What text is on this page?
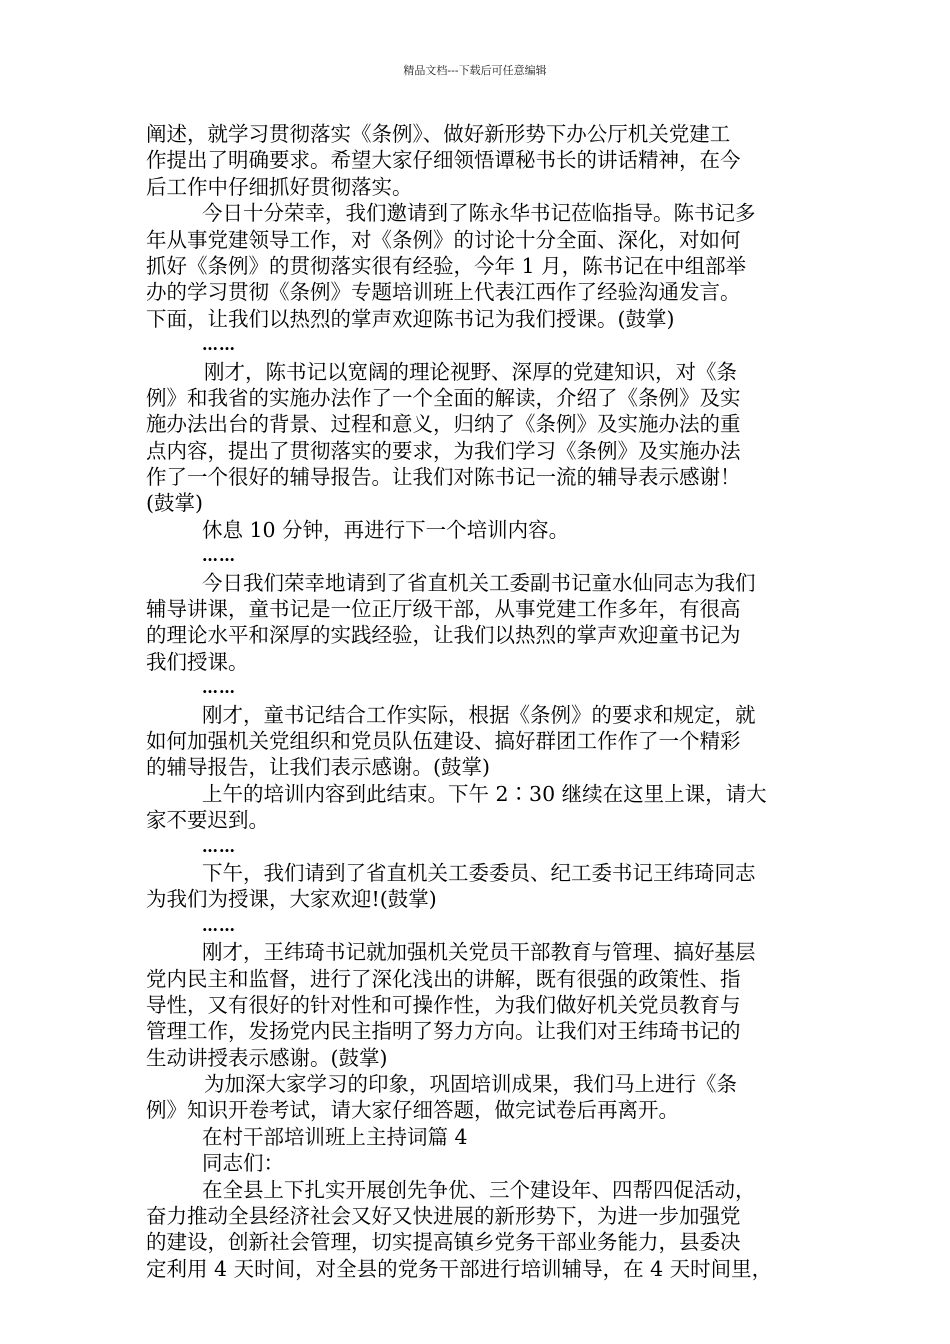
精品文档---下载后可任意编辑
阐述，就学习贯彻落实《条例》、做好新形势下办公厅机关党建工
作提出了明确要求。希望大家仔细领悟谭秘书长的讲话精神，在今
后工作中仔细抓好贯彻落实。
今日十分荣幸，我们邀请到了陈永华书记莅临指导。陈书记多
年从事党建领导工作，对《条例》的讨论十分全面、深化，对如何
抓好《条例》的贯彻落实很有经验，今年 1 月，陈书记在中组部举
办的学习贯彻《条例》专题培训班上代表江西作了经验沟通发言。
下面，让我们以热烈的掌声欢迎陈书记为我们授课。(鼓掌)
……
刚才，陈书记以宽阔的理论视野、深厚的党建知识，对《条
例》和我省的实施办法作了一个全面的解读，介绍了《条例》及实
施办法出台的背景、过程和意义，归纳了《条例》及实施办法的重
点内容，提出了贯彻落实的要求，为我们学习《条例》及实施办法
作了一个很好的辅导报告。让我们对陈书记一流的辅导表示感谢！
(鼓掌)
休息 10 分钟，再进行下一个培训内容。
……
今日我们荣幸地请到了省直机关工委副书记童水仙同志为我们
辅导讲课，童书记是一位正厅级干部，从事党建工作多年，有很高
的理论水平和深厚的实践经验，让我们以热烈的掌声欢迎童书记为
我们授课。
……
刚才，童书记结合工作实际，根据《条例》的要求和规定，就
如何加强机关党组织和党员队伍建设、搞好群团工作作了一个精彩
的辅导报告，让我们表示感谢。(鼓掌)
上午的培训内容到此结束。下午 2∶30 继续在这里上课，请大
家不要迟到。
……
下午，我们请到了省直机关工委委员、纪工委书记王纬琦同志
为我们为授课，大家欢迎!(鼓掌)
……
刚才，王纬琦书记就加强机关党员干部教育与管理、搞好基层
党内民主和监督，进行了深化浅出的讲解，既有很强的政策性、指
导性，又有很好的针对性和可操作性，为我们做好机关党员教育与
管理工作，发扬党内民主指明了努力方向。让我们对王纬琦书记的
生动讲授表示感谢。(鼓掌)
为加深大家学习的印象，巩固培训成果，我们马上进行《条
例》知识开卷考试，请大家仔细答题，做完试卷后再离开。
在村干部培训班上主持词篇 4
同志们：
在全县上下扎实开展创先争优、三个建设年、四帮四促活动，
奋力推动全县经济社会又好又快进展的新形势下，为进一步加强党
的建设，创新社会管理，切实提高镇乡党务干部业务能力，县委决
定利用 4 天时间，对全县的党务干部进行培训辅导，在 4 天时间里，
